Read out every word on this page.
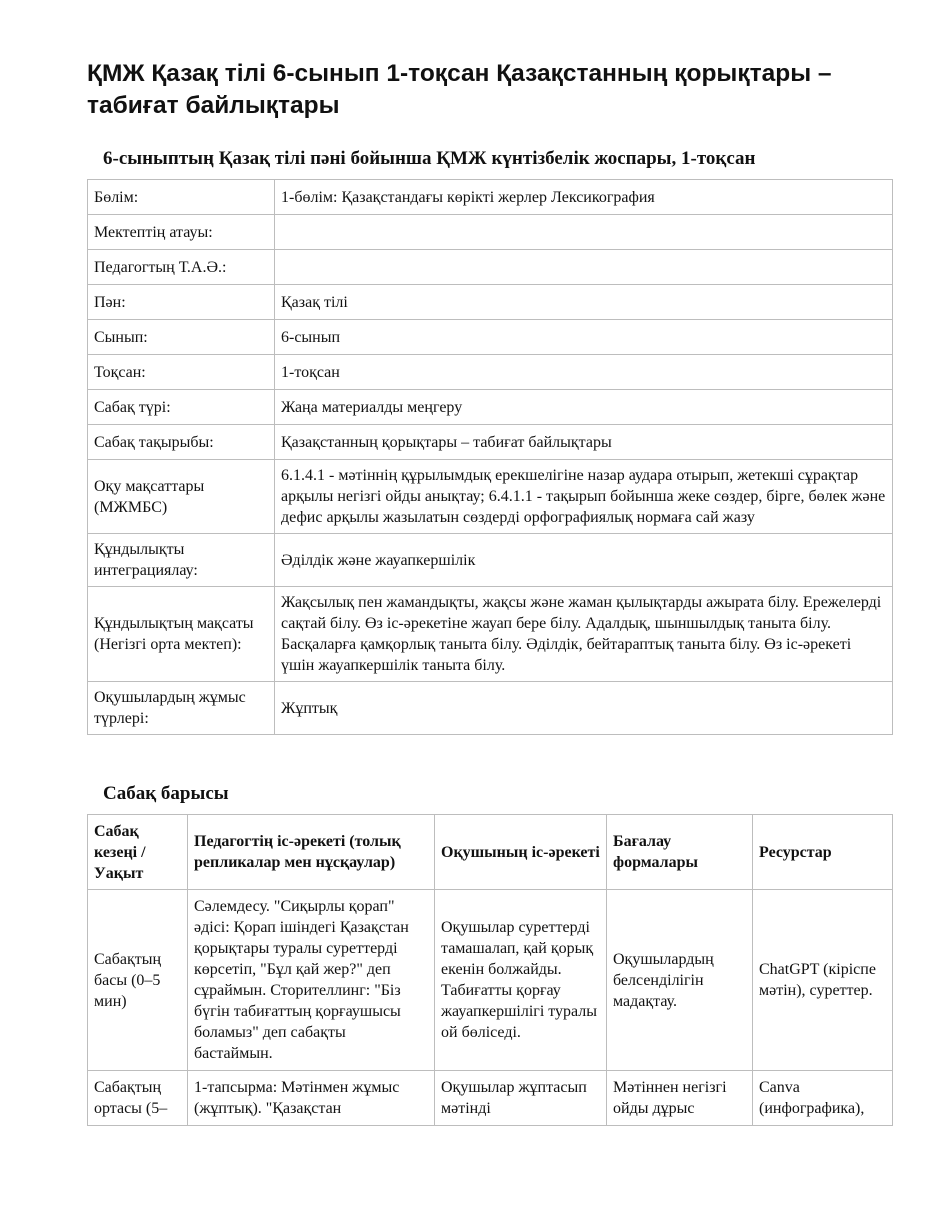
ҚМЖ Қазақ тілі 6-сынып 1-тоқсан Қазақстанның қорықтары – табиғат байлықтары
6-сыныптың Қазақ тілі пәні бойынша ҚМЖ күнтізбелік жоспары, 1-тоқсан
Бөлім:	1-бөлім: Қазақстандағы көрікті жерлер Лексикография
Мектептің атауы:	
Педагогтың Т.А.Ә.:	
Пән:	Қазақ тілі
Сынып:	6-сынып
Тоқсан:	1-тоқсан
Сабақ түрі:	Жаңа материалды меңгеру
Сабақ тақырыбы:	Қазақстанның қорықтары – табиғат байлықтары
Оқу мақсаттары (МЖМБС)	6.1.4.1 - мәтіннің құрылымдық ерекшелігіне назар аудара отырып, жетекші сұрақтар арқылы негізгі ойды анықтау; 6.4.1.1 - тақырып бойынша жеке сөздер, бірге, бөлек және дефис арқылы жазылатын сөздерді орфографиялық нормаға сай жазу
Құндылықты интеграциялау:	Әділдік және жауапкершілік
Құндылықтың мақсаты (Негізгі орта мектеп):	Жақсылық пен жамандықты, жақсы және жаман қылықтарды ажырата білу. Ережелерді сақтай білу. Өз іс-әрекетіне жауап бере білу. Адалдық, шыншылдық таныта білу. Басқаларға қамқорлық таныта білу. Әділдік, бейтараптық таныта білу. Өз іс-әрекеті үшін жауапкершілік таныта білу.
Оқушылардың жұмыс түрлері:	Жұптық
Сабақ барысы
Сабақ кезеңі / Уақыт	Педагогтің іс-әрекеті (толық репликалар мен нұсқаулар)	Оқушының іс-әрекеті	Бағалау формалары	Ресурстар
Сабақтың басы (0–5 мин)	Сәлемдесу. "Сиқырлы қорап" әдісі: Қорап ішіндегі Қазақстан қорықтары туралы суреттерді көрсетіп, "Бұл қай жер?" деп сұраймын. Сторителлинг: "Біз бүгін табиғаттың қорғаушысы боламыз" деп сабақты бастаймын.	Оқушылар суреттерді тамашалап, қай қорық екенін болжайды. Табиғатты қорғау жауапкершілігі туралы ой бөліседі.	Оқушылардың белсенділігін мадақтау.	ChatGPT (кіріспе мәтін), суреттер.
Сабақтың ортасы (5–	1-тапсырма: Мәтінмен жұмыс (жұптық). "Қазақстан	Оқушылар жұптасып мәтінді	Мәтіннен негізгі ойды дұрыс	Canva (инфографика),
